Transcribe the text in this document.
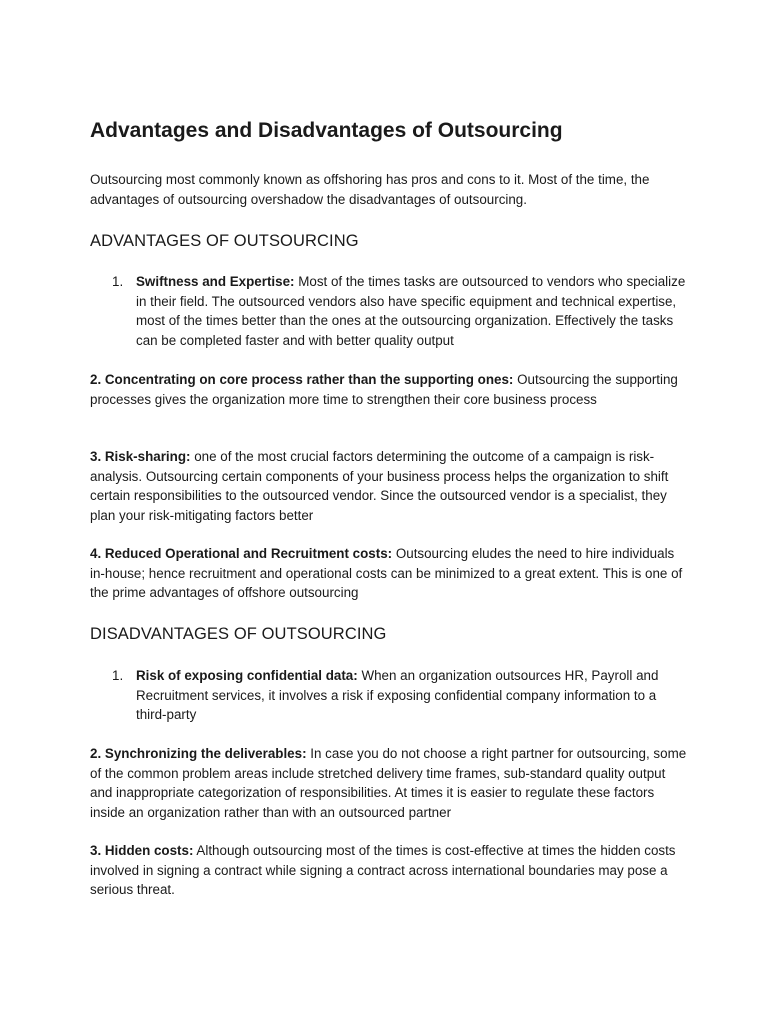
Advantages and Disadvantages of Outsourcing

Outsourcing most commonly known as offshoring has pros and cons to it. Most of the time, the advantages of outsourcing overshadow the disadvantages of outsourcing.

ADVANTAGES OF OUTSOURCING
1. Swiftness and Expertise: Most of the times tasks are outsourced to vendors who specialize in their field. The outsourced vendors also have specific equipment and technical expertise, most of the times better than the ones at the outsourcing organization. Effectively the tasks can be completed faster and with better quality output

2. Concentrating on core process rather than the supporting ones: Outsourcing the supporting processes gives the organization more time to strengthen their core business process

3. Risk-sharing: one of the most crucial factors determining the outcome of a campaign is risk-analysis. Outsourcing certain components of your business process helps the organization to shift certain responsibilities to the outsourced vendor. Since the outsourced vendor is a specialist, they plan your risk-mitigating factors better

4. Reduced Operational and Recruitment costs: Outsourcing eludes the need to hire individuals in-house; hence recruitment and operational costs can be minimized to a great extent. This is one of the prime advantages of offshore outsourcing

DISADVANTAGES OF OUTSOURCING
1. Risk of exposing confidential data: When an organization outsources HR, Payroll and Recruitment services, it involves a risk if exposing confidential company information to a third-party

2. Synchronizing the deliverables: In case you do not choose a right partner for outsourcing, some of the common problem areas include stretched delivery time frames, sub-standard quality output and inappropriate categorization of responsibilities. At times it is easier to regulate these factors inside an organization rather than with an outsourced partner

3. Hidden costs: Although outsourcing most of the times is cost-effective at times the hidden costs involved in signing a contract while signing a contract across international boundaries may pose a serious threat.
